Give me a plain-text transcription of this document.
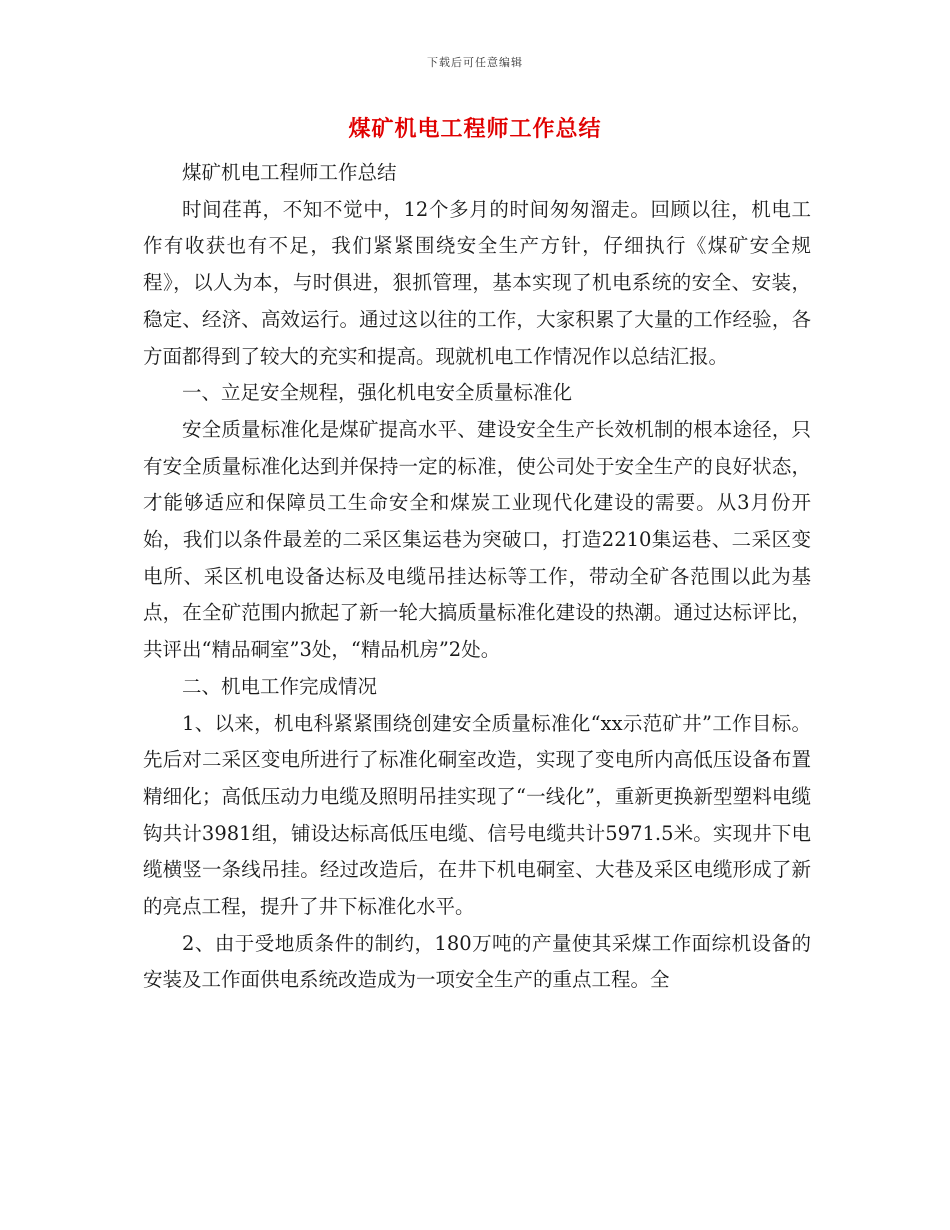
下载后可任意编辑
煤矿机电工程师工作总结

煤矿机电工程师工作总结

时间荏苒，不知不觉中，12个多月的时间匆匆溜走。回顾以往，机电工作有收获也有不足，我们紧紧围绕安全生产方针，仔细执行《煤矿安全规程》，以人为本，与时俱进，狠抓管理，基本实现了机电系统的安全、安装，稳定、经济、高效运行。通过这以往的工作，大家积累了大量的工作经验，各方面都得到了较大的充实和提高。现就机电工作情况作以总结汇报。

一、立足安全规程，强化机电安全质量标准化

安全质量标准化是煤矿提高水平、建设安全生产长效机制的根本途径，只有安全质量标准化达到并保持一定的标准，使公司处于安全生产的良好状态，才能够适应和保障员工生命安全和煤炭工业现代化建设的需要。从3月份开始，我们以条件最差的二采区集运巷为突破口，打造2210集运巷、二采区变电所、采区机电设备达标及电缆吊挂达标等工作，带动全矿各范围以此为基点，在全矿范围内掀起了新一轮大搞质量标准化建设的热潮。通过达标评比，共评出“精品硐室”3处，“精品机房”2处。

二、机电工作完成情况

1、以来，机电科紧紧围绕创建安全质量标准化“xx示范矿井”工作目标。先后对二采区变电所进行了标准化硐室改造，实现了变电所内高低压设备布置精细化；高低压动力电缆及照明吊挂实现了“一线化”，重新更换新型塑料电缆钩共计3981组，铺设达标高低压电缆、信号电缆共计5971.5米。实现井下电缆横竖一条线吊挂。经过改造后，在井下机电硐室、大巷及采区电缆形成了新的亮点工程，提升了井下标准化水平。

2、由于受地质条件的制约，180万吨的产量使其采煤工作面综机设备的安装及工作面供电系统改造成为一项安全生产的重点工程。全
